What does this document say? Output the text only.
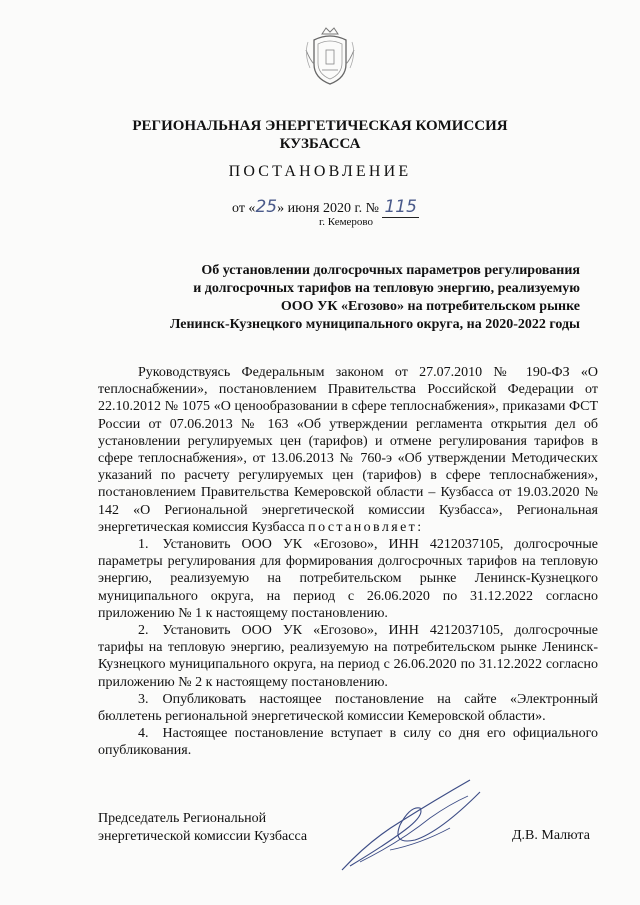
РЕГИОНАЛЬНАЯ ЭНЕРГЕТИЧЕСКАЯ КОМИССИЯ
КУЗБАССА
ПОСТАНОВЛЕНИЕ
от «25» июня 2020 г. № 115
г. Кемерово
Об установлении долгосрочных параметров регулирования
и долгосрочных тарифов на тепловую энергию, реализуемую
ООО УК «Егозово» на потребительском рынке
Ленинск-Кузнецкого муниципального округа, на 2020-2022 годы

Руководствуясь Федеральным законом от 27.07.2010 № 190-ФЗ «О теплоснабжении», постановлением Правительства Российской Федерации от 22.10.2012 № 1075 «О ценообразовании в сфере теплоснабжения», приказами ФСТ России от 07.06.2013 № 163 «Об утверждении регламента открытия дел об установлении регулируемых цен (тарифов) и отмене регулирования тарифов в сфере теплоснабжения», от 13.06.2013 № 760-э «Об утверждении Методических указаний по расчету регулируемых цен (тарифов) в сфере теплоснабжения», постановлением Правительства Кемеровской области – Кузбасса от 19.03.2020 № 142 «О Региональной энергетической комиссии Кузбасса», Региональная энергетическая комиссия Кузбасса постановляет:

1. Установить ООО УК «Егозово», ИНН 4212037105, долгосрочные параметры регулирования для формирования долгосрочных тарифов на тепловую энергию, реализуемую на потребительском рынке Ленинск-Кузнецкого муниципального округа, на период с 26.06.2020 по 31.12.2022 согласно приложению № 1 к настоящему постановлению.

2. Установить ООО УК «Егозово», ИНН 4212037105, долгосрочные тарифы на тепловую энергию, реализуемую на потребительском рынке Ленинск-Кузнецкого муниципального округа, на период с 26.06.2020 по 31.12.2022 согласно приложению № 2 к настоящему постановлению.

3. Опубликовать настоящее постановление на сайте «Электронный бюллетень региональной энергетической комиссии Кемеровской области».

4. Настоящее постановление вступает в силу со дня его официального опубликования.

Председатель Региональной
энергетической комиссии Кузбасса	Д.В. Малюта
